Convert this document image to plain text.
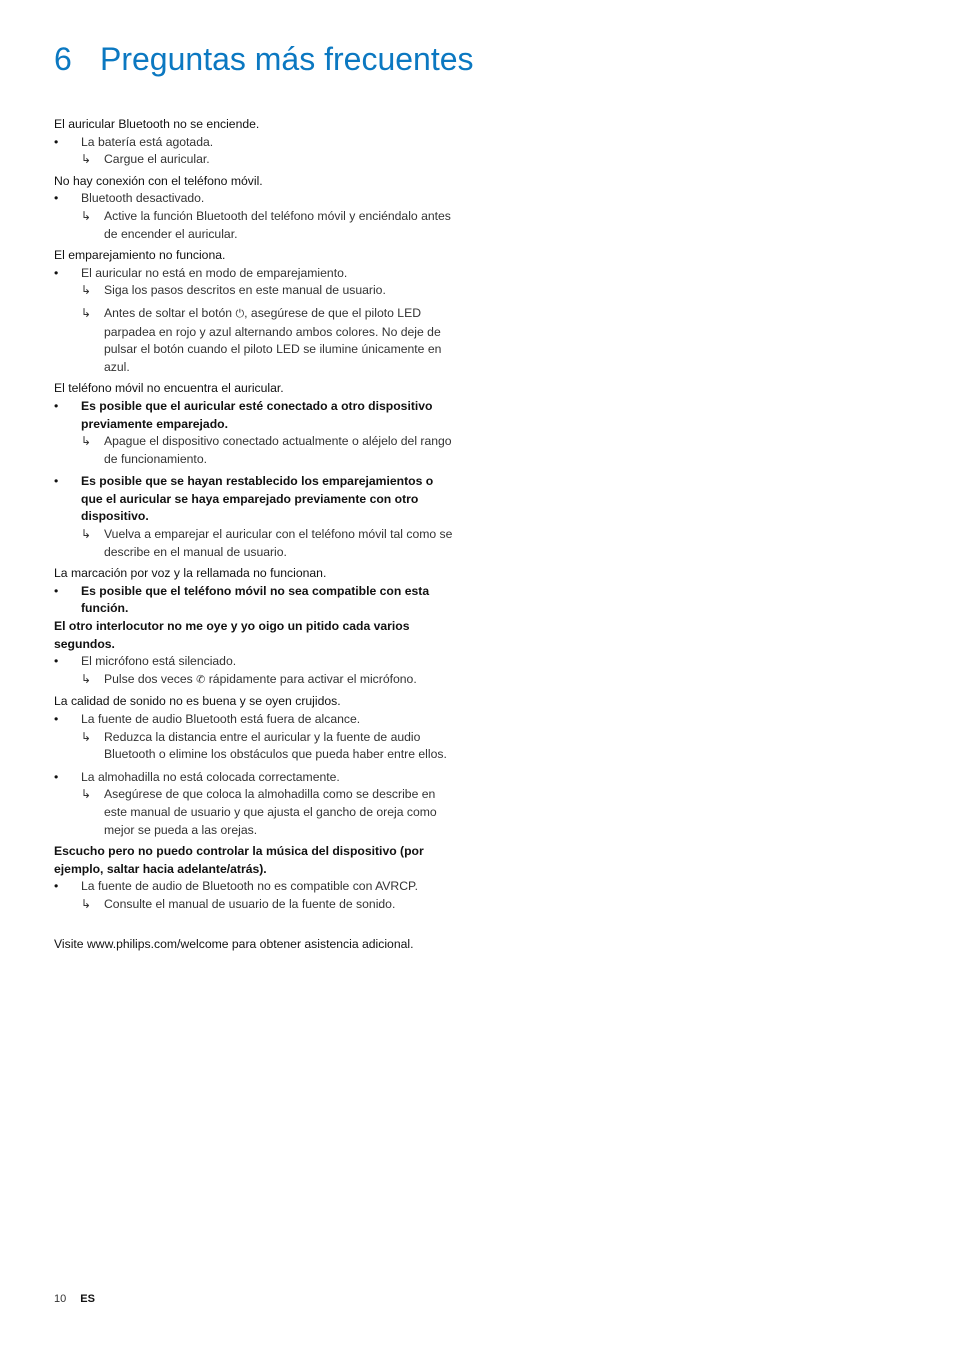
6 Preguntas más frecuentes

El auricular Bluetooth no se enciende.

• La batería está agotada.
↳ Cargue el auricular.

No hay conexión con el teléfono móvil.

• Bluetooth desactivado.
↳ Active la función Bluetooth del teléfono móvil y enciéndalo antes de encender el auricular.

El emparejamiento no funciona.

• El auricular no está en modo de emparejamiento.
↳ Siga los pasos descritos en este manual de usuario.
↳ Antes de soltar el botón ⏻, asegúrese de que el piloto LED parpadea en rojo y azul alternando ambos colores. No deje de pulsar el botón cuando el piloto LED se ilumine únicamente en azul.

El teléfono móvil no encuentra el auricular.

• Es posible que el auricular esté conectado a otro dispositivo previamente emparejado.
↳ Apague el dispositivo conectado actualmente o aléjelo del rango de funcionamiento.
• Es posible que se hayan restablecido los emparejamientos o que el auricular se haya emparejado previamente con otro dispositivo.
↳ Vuelva a emparejar el auricular con el teléfono móvil tal como se describe en el manual de usuario.

La marcación por voz y la rellamada no funcionan.

• Es posible que el teléfono móvil no sea compatible con esta función.

El otro interlocutor no me oye y yo oigo un pitido cada varios segundos.

• El micrófono está silenciado.
↳ Pulse dos veces ✆ rápidamente para activar el micrófono.

La calidad de sonido no es buena y se oyen crujidos.

• La fuente de audio Bluetooth está fuera de alcance.
↳ Reduzca la distancia entre el auricular y la fuente de audio Bluetooth o elimine los obstáculos que pueda haber entre ellos.
• La almohadilla no está colocada correctamente.
↳ Asegúrese de que coloca la almohadilla como se describe en este manual de usuario y que ajusta el gancho de oreja como mejor se pueda a las orejas.

Escucho pero no puedo controlar la música del dispositivo (por ejemplo, saltar hacia adelante/atrás).

• La fuente de audio de Bluetooth no es compatible con AVRCP.
↳ Consulte el manual de usuario de la fuente de sonido.

Visite www.philips.com/welcome para obtener asistencia adicional.

10 ES
